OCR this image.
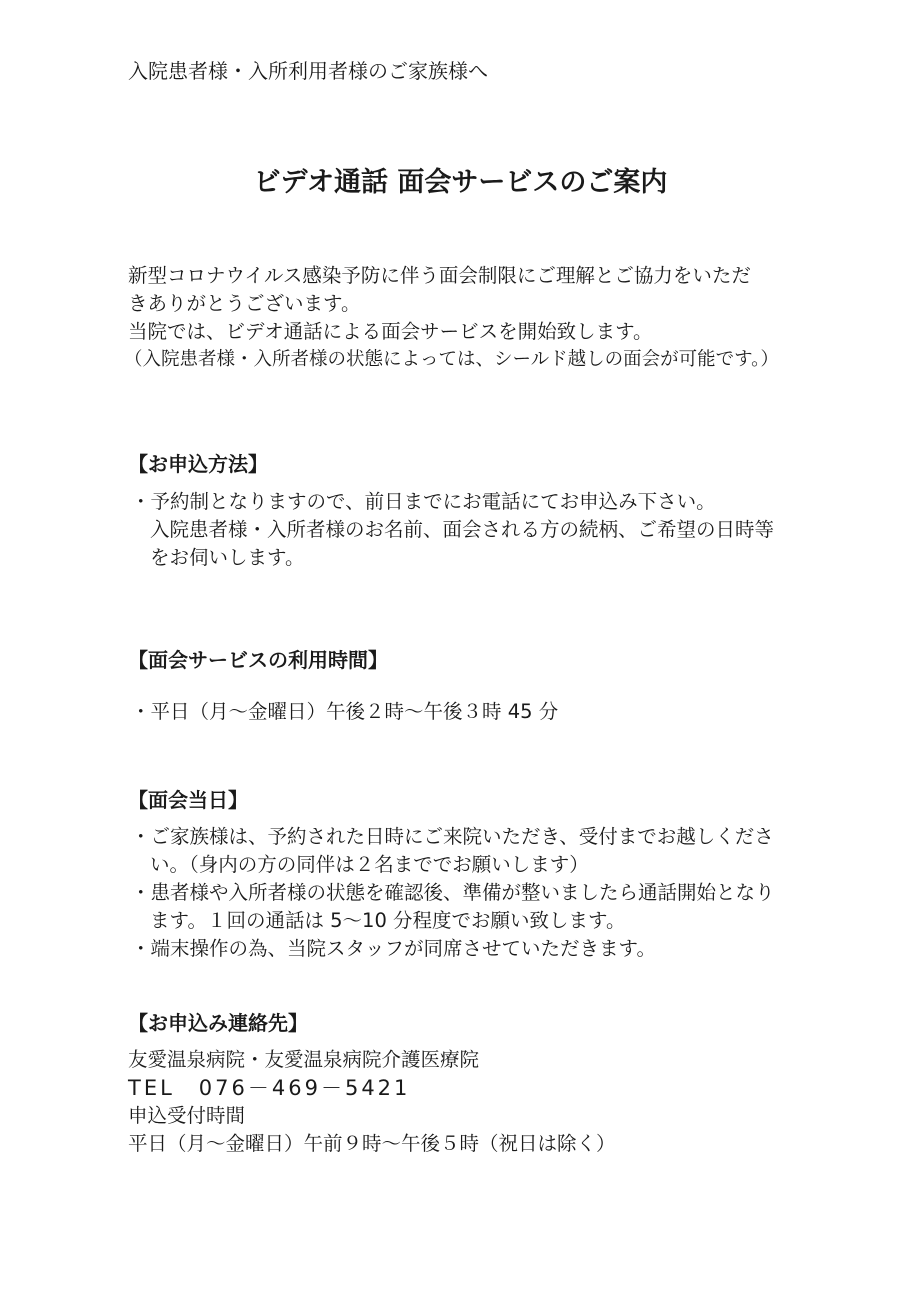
入院患者様・入所利用者様のご家族様へ
ビデオ通話 面会サービスのご案内
新型コロナウイルス感染予防に伴う面会制限にご理解とご協力をいただ
きありがとうございます。
当院では、ビデオ通話による面会サービスを開始致します。
（入院患者様・入所者様の状態によっては、シールド越しの面会が可能です。）
【お申込方法】
・予約制となりますので、前日までにお電話にてお申込み下さい。
入院患者様・入所者様のお名前、面会される方の続柄、ご希望の日時等
をお伺いします。
【面会サービスの利用時間】
・平日（月～金曜日）午後２時～午後３時 45 分
【面会当日】
・ご家族様は、予約された日時にご来院いただき、受付までお越しくださ
い。（身内の方の同伴は２名まででお願いします）
・患者様や入所者様の状態を確認後、準備が整いましたら通話開始となり
ます。１回の通話は 5～10 分程度でお願い致します。
・端末操作の為、当院スタッフが同席させていただきます。
【お申込み連絡先】
友愛温泉病院・友愛温泉病院介護医療院
TEL　076－469－5421
申込受付時間
平日（月～金曜日）午前９時～午後５時（祝日は除く）
